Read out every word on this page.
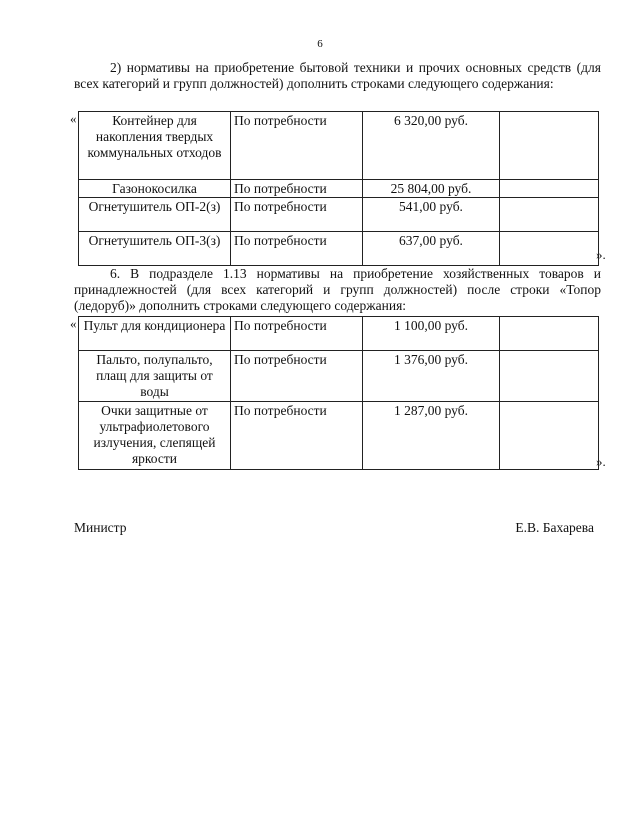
6
2) нормативы на приобретение бытовой техники и прочих основных средств (для всех категорий и групп должностей) дополнить строками следующего содержания:
«	Контейнер для накопления твердых коммунальных отходов	По потребности	6 320,00 руб.	
Газонокосилка	По потребности	25 804,00 руб.	
Огнетушитель ОП-2(з)	По потребности	541,00 руб.	
Огнетушитель ОП-3(з)	По потребности	637,00 руб.	
».
6. В подразделе 1.13 нормативы на приобретение хозяйственных товаров и принадлежностей (для всех категорий и групп должностей) после строки «Топор (ледоруб)» дополнить строками следующего содержания:
« Пульт для кондиционера	По потребности	1 100,00 руб.	
Пальто, полупальто, плащ для защиты от воды	По потребности	1 376,00 руб.	
Очки защитные от ультрафиолетового излучения, слепящей яркости	По потребности	1 287,00 руб.	
».
Министр	Е.В. Бахарева
